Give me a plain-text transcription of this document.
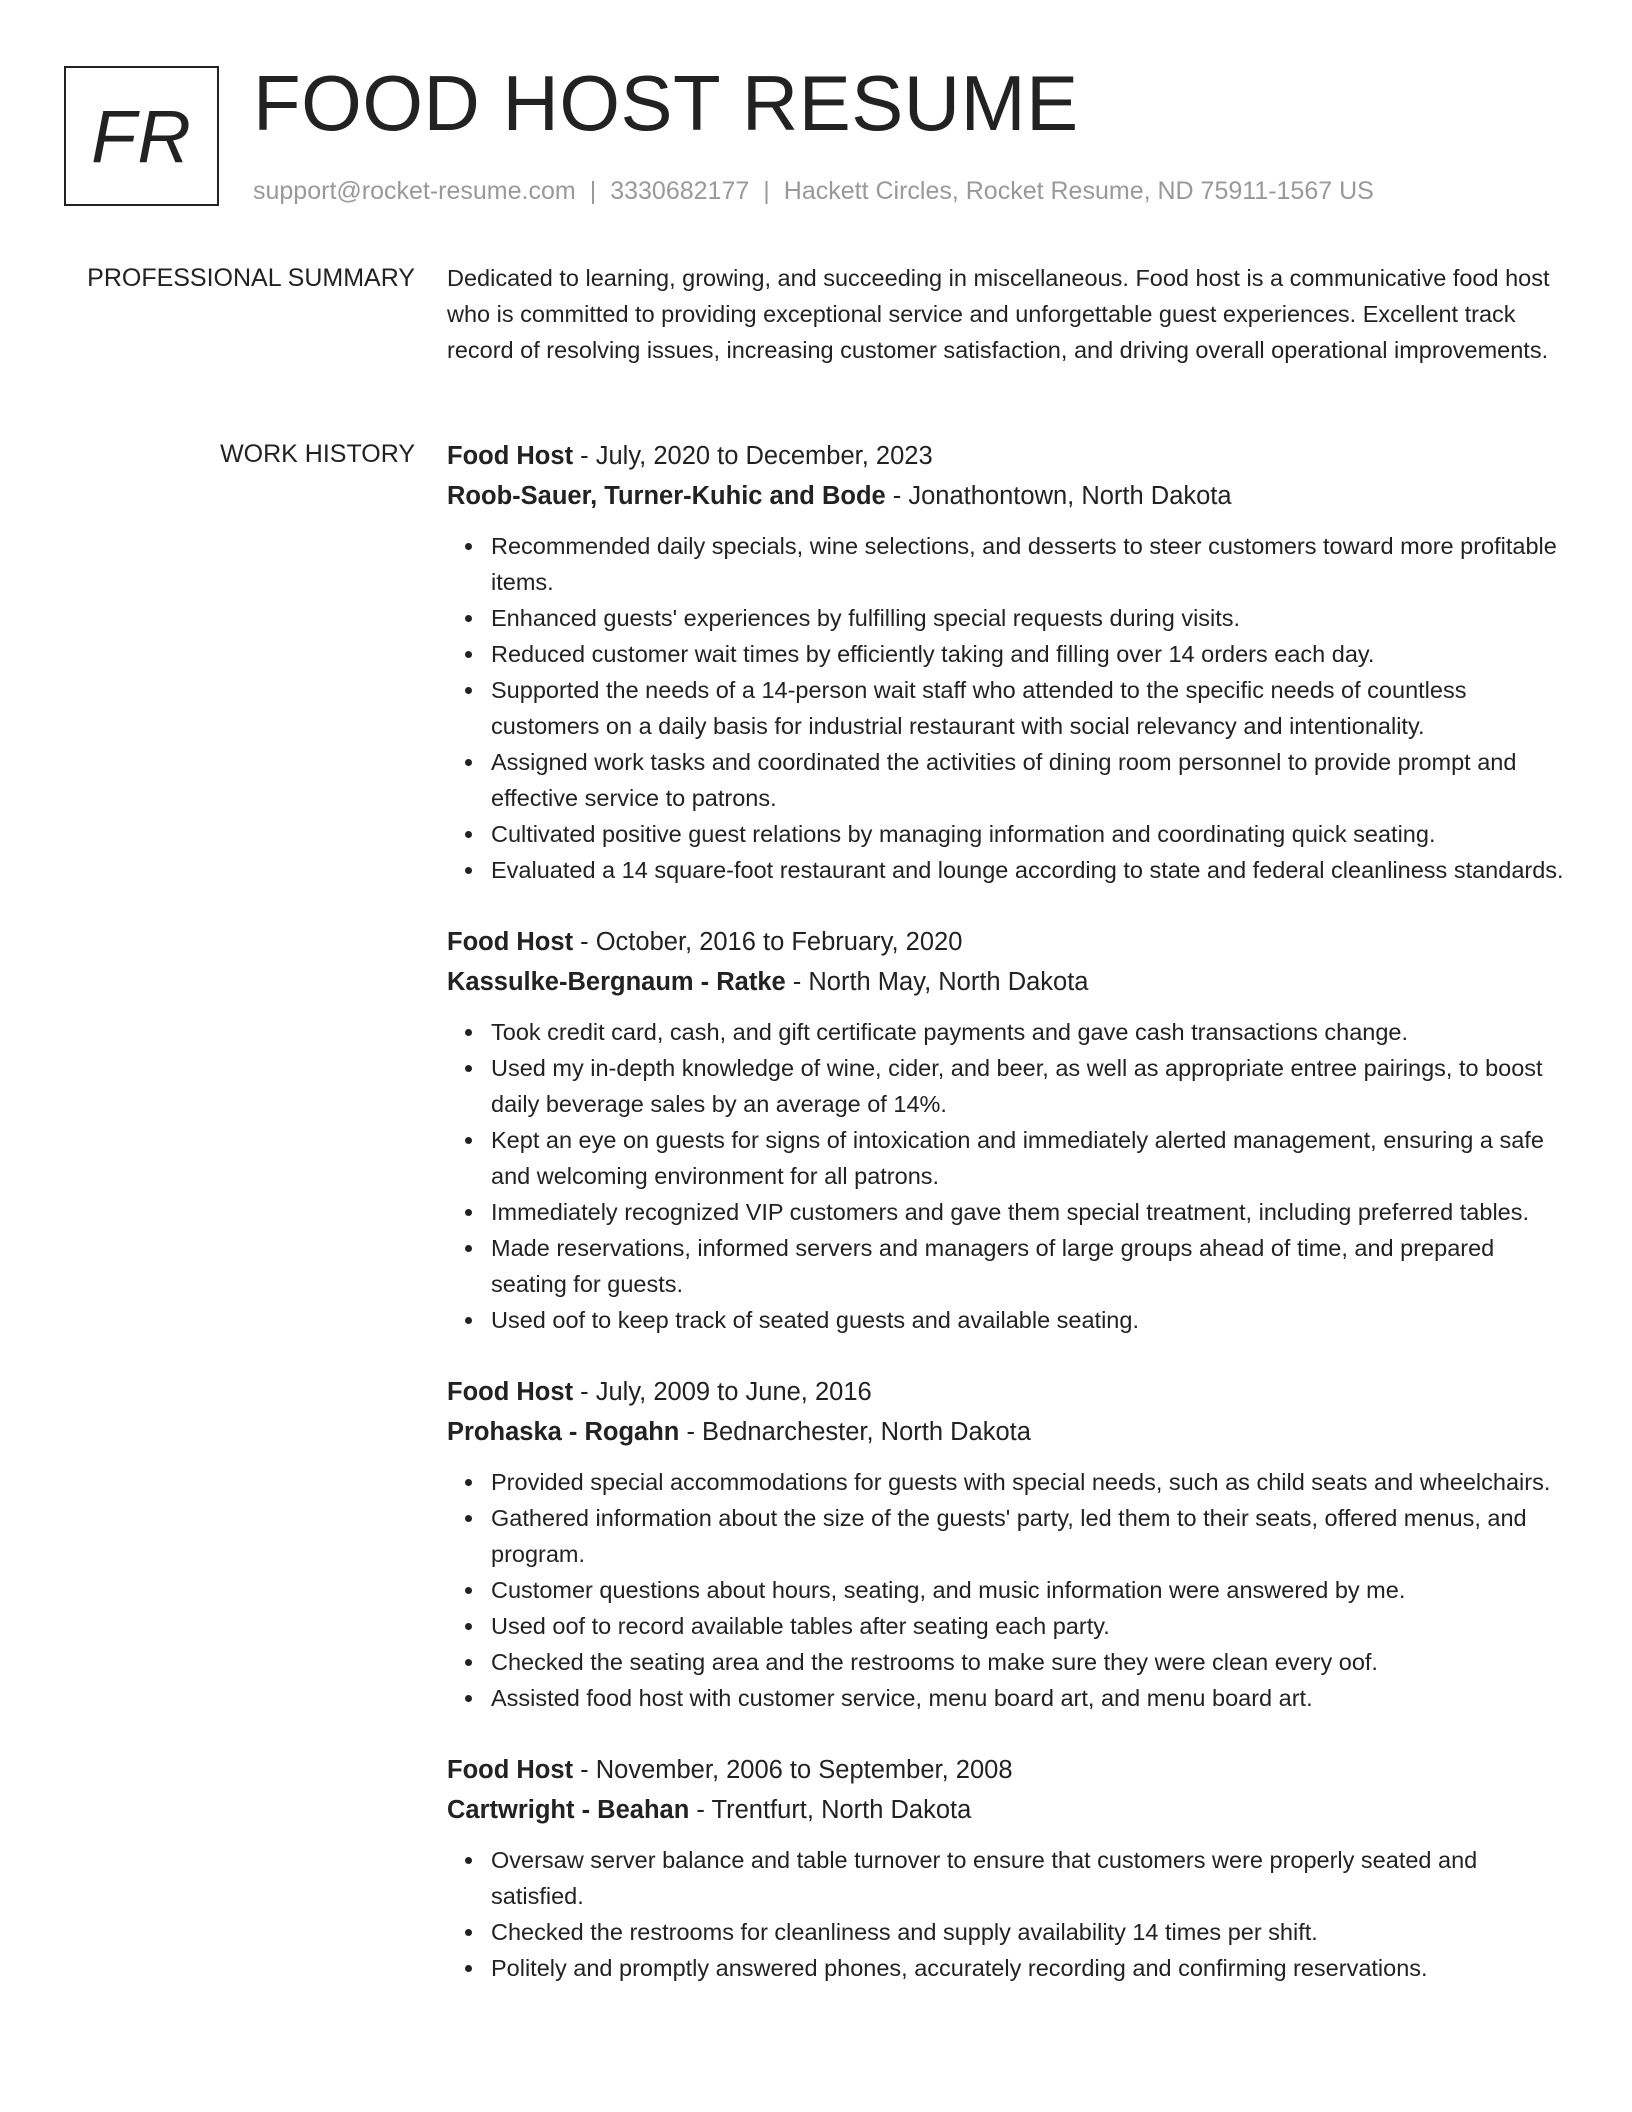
FR FOOD HOST RESUME
support@rocket-resume.com | 3330682177 | Hackett Circles, Rocket Resume, ND 75911-1567 US
PROFESSIONAL SUMMARY Dedicated to learning, growing, and succeeding in miscellaneous. Food host is a communicative food host who is committed to providing exceptional service and unforgettable guest experiences. Excellent track record of resolving issues, increasing customer satisfaction, and driving overall operational improvements.
WORK HISTORY Food Host - July, 2020 to December, 2023
Roob-Sauer, Turner-Kuhic and Bode - Jonathontown, North Dakota
Recommended daily specials, wine selections, and desserts to steer customers toward more profitable items.
Enhanced guests' experiences by fulfilling special requests during visits.
Reduced customer wait times by efficiently taking and filling over 14 orders each day.
Supported the needs of a 14-person wait staff who attended to the specific needs of countless customers on a daily basis for industrial restaurant with social relevancy and intentionality.
Assigned work tasks and coordinated the activities of dining room personnel to provide prompt and effective service to patrons.
Cultivated positive guest relations by managing information and coordinating quick seating.
Evaluated a 14 square-foot restaurant and lounge according to state and federal cleanliness standards.
Food Host - October, 2016 to February, 2020
Kassulke-Bergnaum - Ratke - North May, North Dakota
Took credit card, cash, and gift certificate payments and gave cash transactions change.
Used my in-depth knowledge of wine, cider, and beer, as well as appropriate entree pairings, to boost daily beverage sales by an average of 14%.
Kept an eye on guests for signs of intoxication and immediately alerted management, ensuring a safe and welcoming environment for all patrons.
Immediately recognized VIP customers and gave them special treatment, including preferred tables.
Made reservations, informed servers and managers of large groups ahead of time, and prepared seating for guests.
Used oof to keep track of seated guests and available seating.
Food Host - July, 2009 to June, 2016
Prohaska - Rogahn - Bednarchester, North Dakota
Provided special accommodations for guests with special needs, such as child seats and wheelchairs.
Gathered information about the size of the guests' party, led them to their seats, offered menus, and program.
Customer questions about hours, seating, and music information were answered by me.
Used oof to record available tables after seating each party.
Checked the seating area and the restrooms to make sure they were clean every oof.
Assisted food host with customer service, menu board art, and menu board art.
Food Host - November, 2006 to September, 2008
Cartwright - Beahan - Trentfurt, North Dakota
Oversaw server balance and table turnover to ensure that customers were properly seated and satisfied.
Checked the restrooms for cleanliness and supply availability 14 times per shift.
Politely and promptly answered phones, accurately recording and confirming reservations.
